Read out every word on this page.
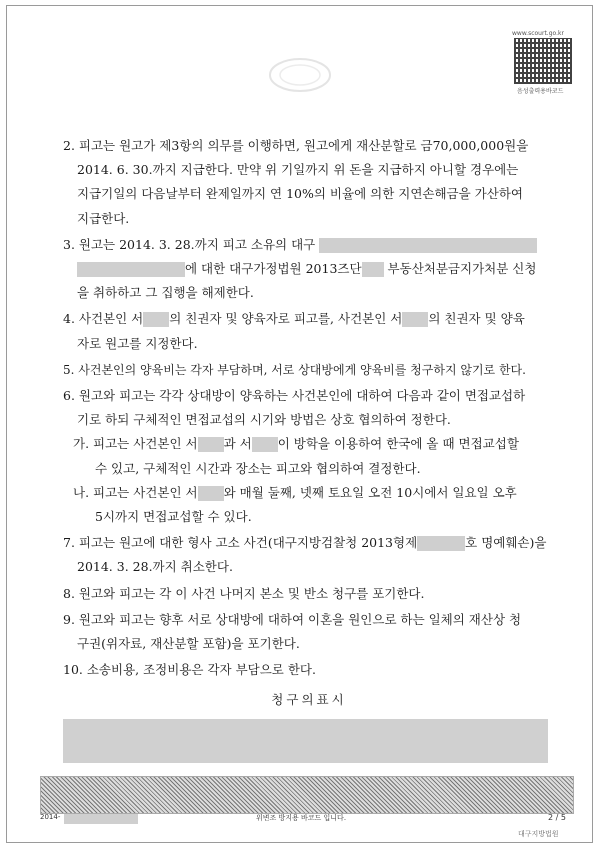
www.scourt.go.kr
음성출력용바코드
2. 피고는 원고가 제3항의 의무를 이행하면, 원고에게 재산분할로 금70,000,000원을
2014. 6. 30.까지 지급한다. 만약 위 기일까지 위 돈을 지급하지 아니할 경우에는
지급기일의 다음날부터 완제일까지 연 10%의 비율에 의한 지연손해금을 가산하여
지급한다.
3. 원고는 2014. 3. 28.까지 피고 소유의 대구
에 대한 대구가정법원 2013즈단 부동산처분금지가처분 신청
을 취하하고 그 집행을 해제한다.
4. 사건본인 서 의 친권자 및 양육자로 피고를, 사건본인 서 의 친권자 및 양육
자로 원고를 지정한다.
5. 사건본인의 양육비는 각자 부담하며, 서로 상대방에게 양육비를 청구하지 않기로 한다.
6. 원고와 피고는 각각 상대방이 양육하는 사건본인에 대하여 다음과 같이 면접교섭하
기로 하되 구체적인 면접교섭의 시기와 방법은 상호 협의하여 정한다.
가. 피고는 사건본인 서 과 서 이 방학을 이용하여 한국에 올 때 면접교섭할
수 있고, 구체적인 시간과 장소는 피고와 협의하여 결정한다.
나. 피고는 사건본인 서 와 매월 둘째, 넷째 토요일 오전 10시에서 일요일 오후
5시까지 면접교섭할 수 있다.
7. 피고는 원고에 대한 형사 고소 사건(대구지방검찰청 2013형제	호 명예훼손)을
2014. 3. 28.까지 취소한다.
8. 원고와 피고는 각 이 사건 나머지 본소 및 반소 청구를 포기한다.
9. 원고와 피고는 향후 서로 상대방에 대하여 이혼을 원인으로 하는 일체의 재산상 청
구권(위자료, 재산분할 포함)을 포기한다.
10. 소송비용, 조정비용은 각자 부담으로 한다.
청구의표시
2014-	위변조 방지용 바코드 입니다.	2 / 5
대구지방법원
